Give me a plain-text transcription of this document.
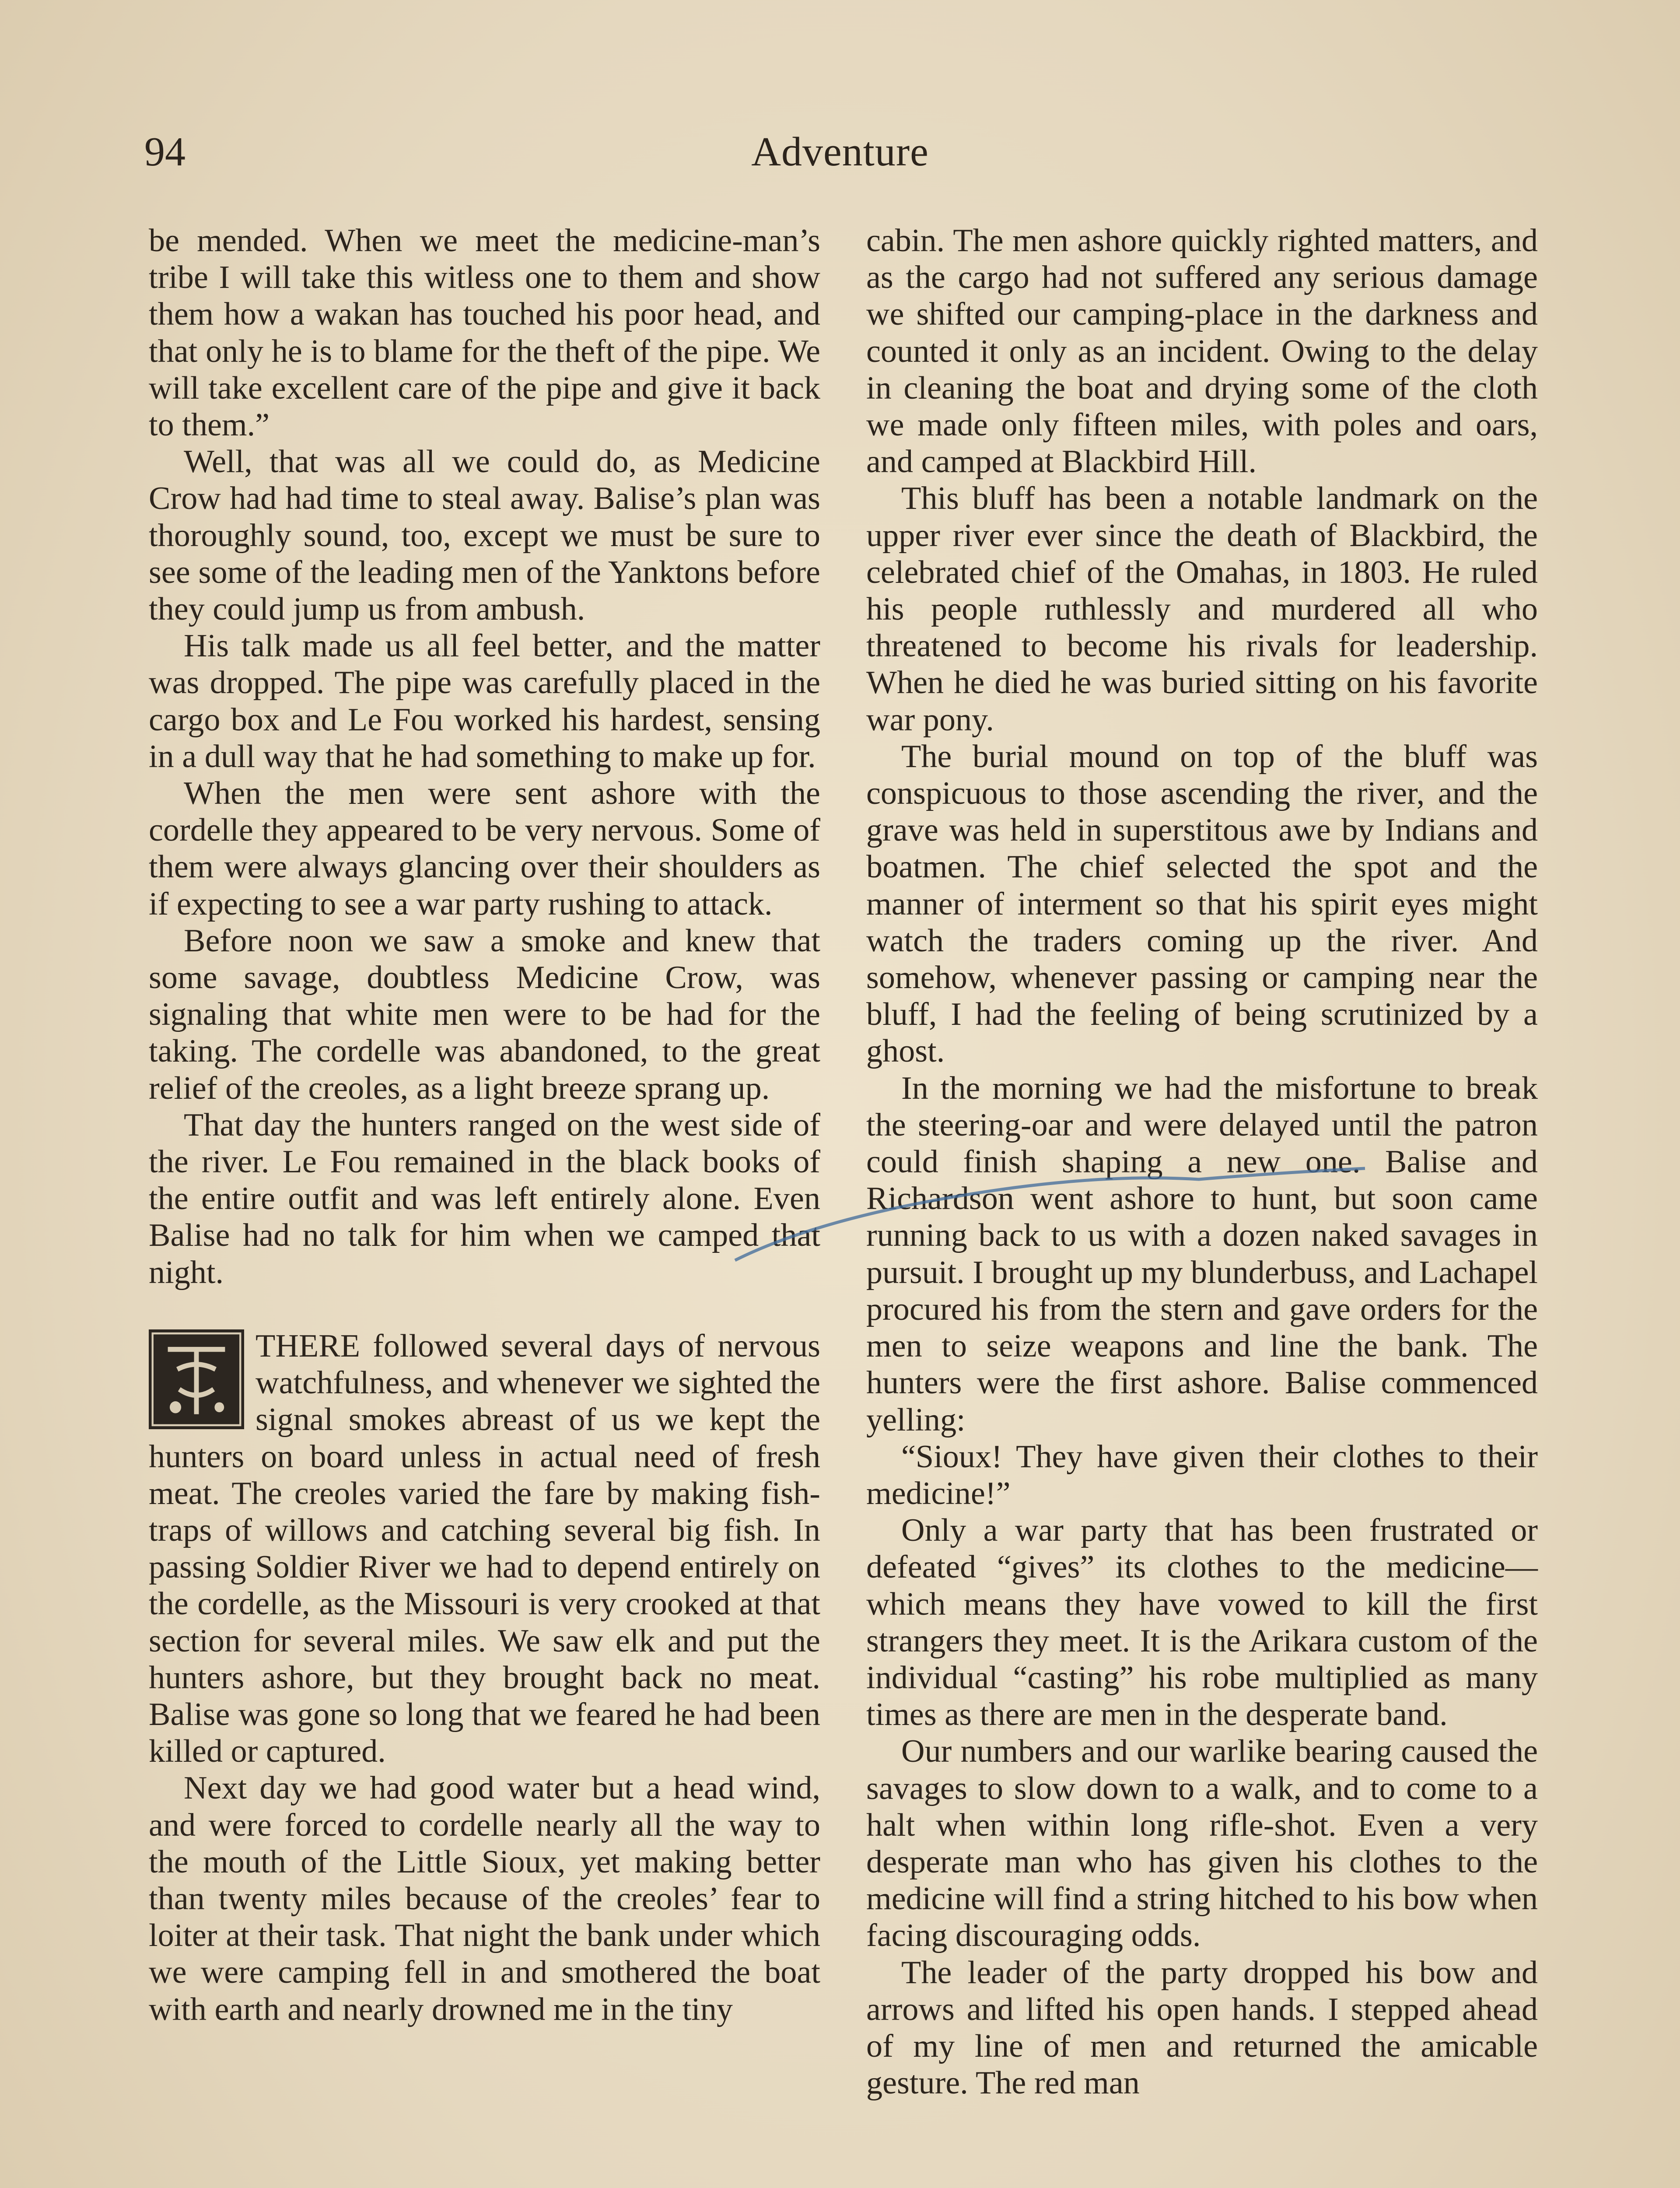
94	Adventure

be mended. When we meet the medicine-man’s tribe I will take this witless one to them and show them how a wakan has touched his poor head, and that only he is to blame for the theft of the pipe. We will take excellent care of the pipe and give it back to them.”

Well, that was all we could do, as Medicine Crow had had time to steal away. Balise’s plan was thoroughly sound, too, except we must be sure to see some of the leading men of the Yanktons before they could jump us from ambush.

His talk made us all feel better, and the matter was dropped. The pipe was carefully placed in the cargo box and Le Fou worked his hardest, sensing in a dull way that he had something to make up for.

When the men were sent ashore with the cordelle they appeared to be very nervous. Some of them were always glancing over their shoulders as if expecting to see a war party rushing to attack.

Before noon we saw a smoke and knew that some savage, doubtless Medicine Crow, was signaling that white men were to be had for the taking. The cordelle was abandoned, to the great relief of the creoles, as a light breeze sprang up.

That day the hunters ranged on the west side of the river. Le Fou remained in the black books of the entire outfit and was left entirely alone. Even Balise had no talk for him when we camped that night.

THERE followed several days of nervous watchfulness, and whenever we sighted the signal smokes abreast of us we kept the hunters on board unless in actual need of fresh meat. The creoles varied the fare by making fish-traps of willows and catching several big fish. In passing Soldier River we had to depend entirely on the cordelle, as the Missouri is very crooked at that section for several miles. We saw elk and put the hunters ashore, but they brought back no meat. Balise was gone so long that we feared he had been killed or captured.

Next day we had good water but a head wind, and were forced to cordelle nearly all the way to the mouth of the Little Sioux, yet making better than twenty miles because of the creoles’ fear to loiter at their task. That night the bank under which we were camping fell in and smothered the boat with earth and nearly drowned me in the tiny

cabin. The men ashore quickly righted matters, and as the cargo had not suffered any serious damage we shifted our camping-place in the darkness and counted it only as an incident. Owing to the delay in cleaning the boat and drying some of the cloth we made only fifteen miles, with poles and oars, and camped at Blackbird Hill.

This bluff has been a notable landmark on the upper river ever since the death of Blackbird, the celebrated chief of the Omahas, in 1803. He ruled his people ruthlessly and murdered all who threatened to become his rivals for leadership. When he died he was buried sitting on his favorite war pony.

The burial mound on top of the bluff was conspicuous to those ascending the river, and the grave was held in superstitous awe by Indians and boatmen. The chief selected the spot and the manner of interment so that his spirit eyes might watch the traders coming up the river. And somehow, whenever passing or camping near the bluff, I had the feeling of being scrutinized by a ghost.

In the morning we had the misfortune to break the steering-oar and were delayed until the patron could finish shaping a new one. Balise and Richardson went ashore to hunt, but soon came running back to us with a dozen naked savages in pursuit. I brought up my blunderbuss, and Lachapel procured his from the stern and gave orders for the men to seize weapons and line the bank. The hunters were the first ashore. Balise commenced yelling:

“Sioux! They have given their clothes to their medicine!”

Only a war party that has been frustrated or defeated “gives” its clothes to the medicine—which means they have vowed to kill the first strangers they meet. It is the Arikara custom of the individual “casting” his robe multiplied as many times as there are men in the desperate band.

Our numbers and our warlike bearing caused the savages to slow down to a walk, and to come to a halt when within long rifle-shot. Even a very desperate man who has given his clothes to the medicine will find a string hitched to his bow when facing discouraging odds.

The leader of the party dropped his bow and arrows and lifted his open hands. I stepped ahead of my line of men and returned the amicable gesture. The red man
